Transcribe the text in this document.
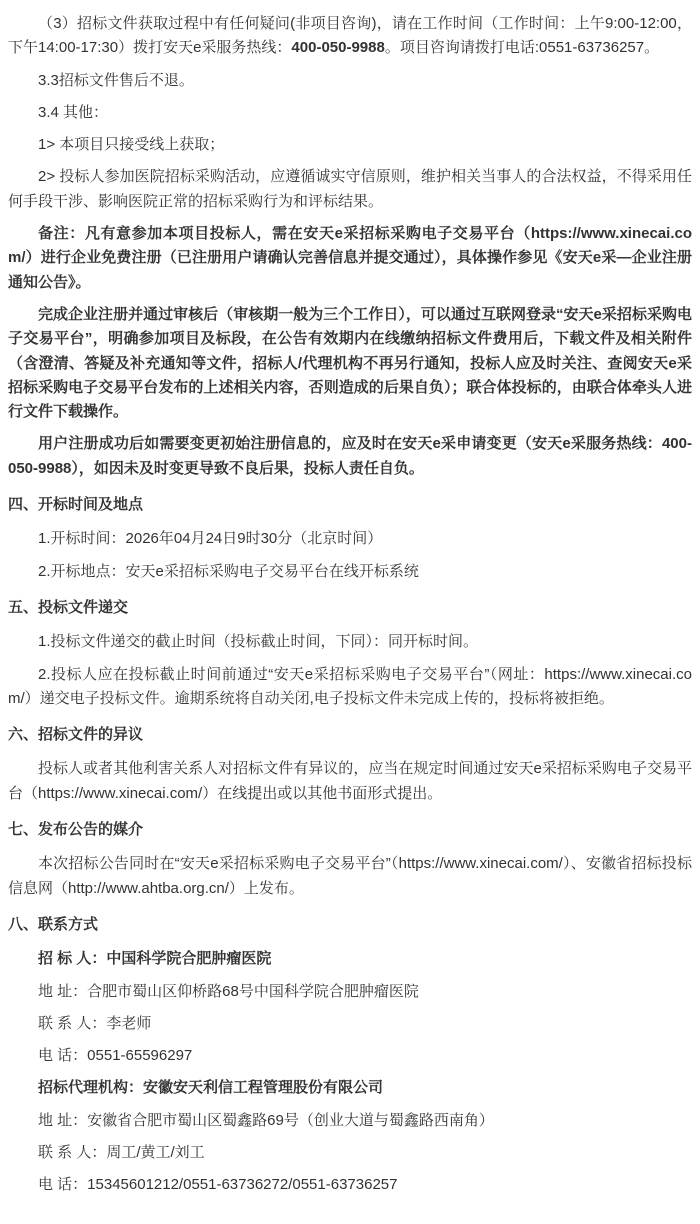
（3）招标文件获取过程中有任何疑问(非项目咨询)，请在工作时间（工作时间：上午9:00-12:00，下午14:00-17:30）拨打安天e采服务热线：400-050-9988。项目咨询请拨打电话:0551-63736257。

3.3招标文件售后不退。

3.4 其他：

1> 本项目只接受线上获取；

2> 投标人参加医院招标采购活动，应遵循诚实守信原则，维护相关当事人的合法权益，不得采用任何手段干涉、影响医院正常的招标采购行为和评标结果。

备注：凡有意参加本项目投标人，需在安天e采招标采购电子交易平台（https://www.xinecai.com/）进行企业免费注册（已注册用户请确认完善信息并提交通过），具体操作参见《安天e采—企业注册通知公告》。

完成企业注册并通过审核后（审核期一般为三个工作日），可以通过互联网登录“安天e采招标采购电子交易平台”，明确参加项目及标段，在公告有效期内在线缴纳招标文件费用后，下载文件及相关附件（含澄清、答疑及补充通知等文件，招标人/代理机构不再另行通知，投标人应及时关注、查阅安天e采招标采购电子交易平台发布的上述相关内容，否则造成的后果自负）；联合体投标的，由联合体牵头人进行文件下载操作。

用户注册成功后如需要变更初始注册信息的，应及时在安天e采申请变更（安天e采服务热线：400-050-9988），如因未及时变更导致不良后果，投标人责任自负。

四、开标时间及地点

1.开标时间：2026年04月24日9时30分（北京时间）

2.开标地点：安天e采招标采购电子交易平台在线开标系统

五、投标文件递交

1.投标文件递交的截止时间（投标截止时间，下同）：同开标时间。

2.投标人应在投标截止时间前通过“安天e采招标采购电子交易平台”（网址：https://www.xinecai.com/）递交电子投标文件。逾期系统将自动关闭,电子投标文件未完成上传的，投标将被拒绝。

六、招标文件的异议

投标人或者其他利害关系人对招标文件有异议的，应当在规定时间通过安天e采招标采购电子交易平台（https://www.xinecai.com/）在线提出或以其他书面形式提出。

七、发布公告的媒介

本次招标公告同时在“安天e采招标采购电子交易平台”（https://www.xinecai.com/）、安徽省招标投标信息网（http://www.ahtba.org.cn/）上发布。

八、联系方式

招 标 人：中国科学院合肥肿瘤医院

地 址：合肥市蜀山区仰桥路68号中国科学院合肥肿瘤医院

联 系 人：李老师

电 话：0551-65596297

招标代理机构：安徽安天利信工程管理股份有限公司

地 址：安徽省合肥市蜀山区蜀鑫路69号（创业大道与蜀鑫路西南角）

联 系 人：周工/黄工/刘工

电 话：15345601212/0551-63736272/0551-63736257
